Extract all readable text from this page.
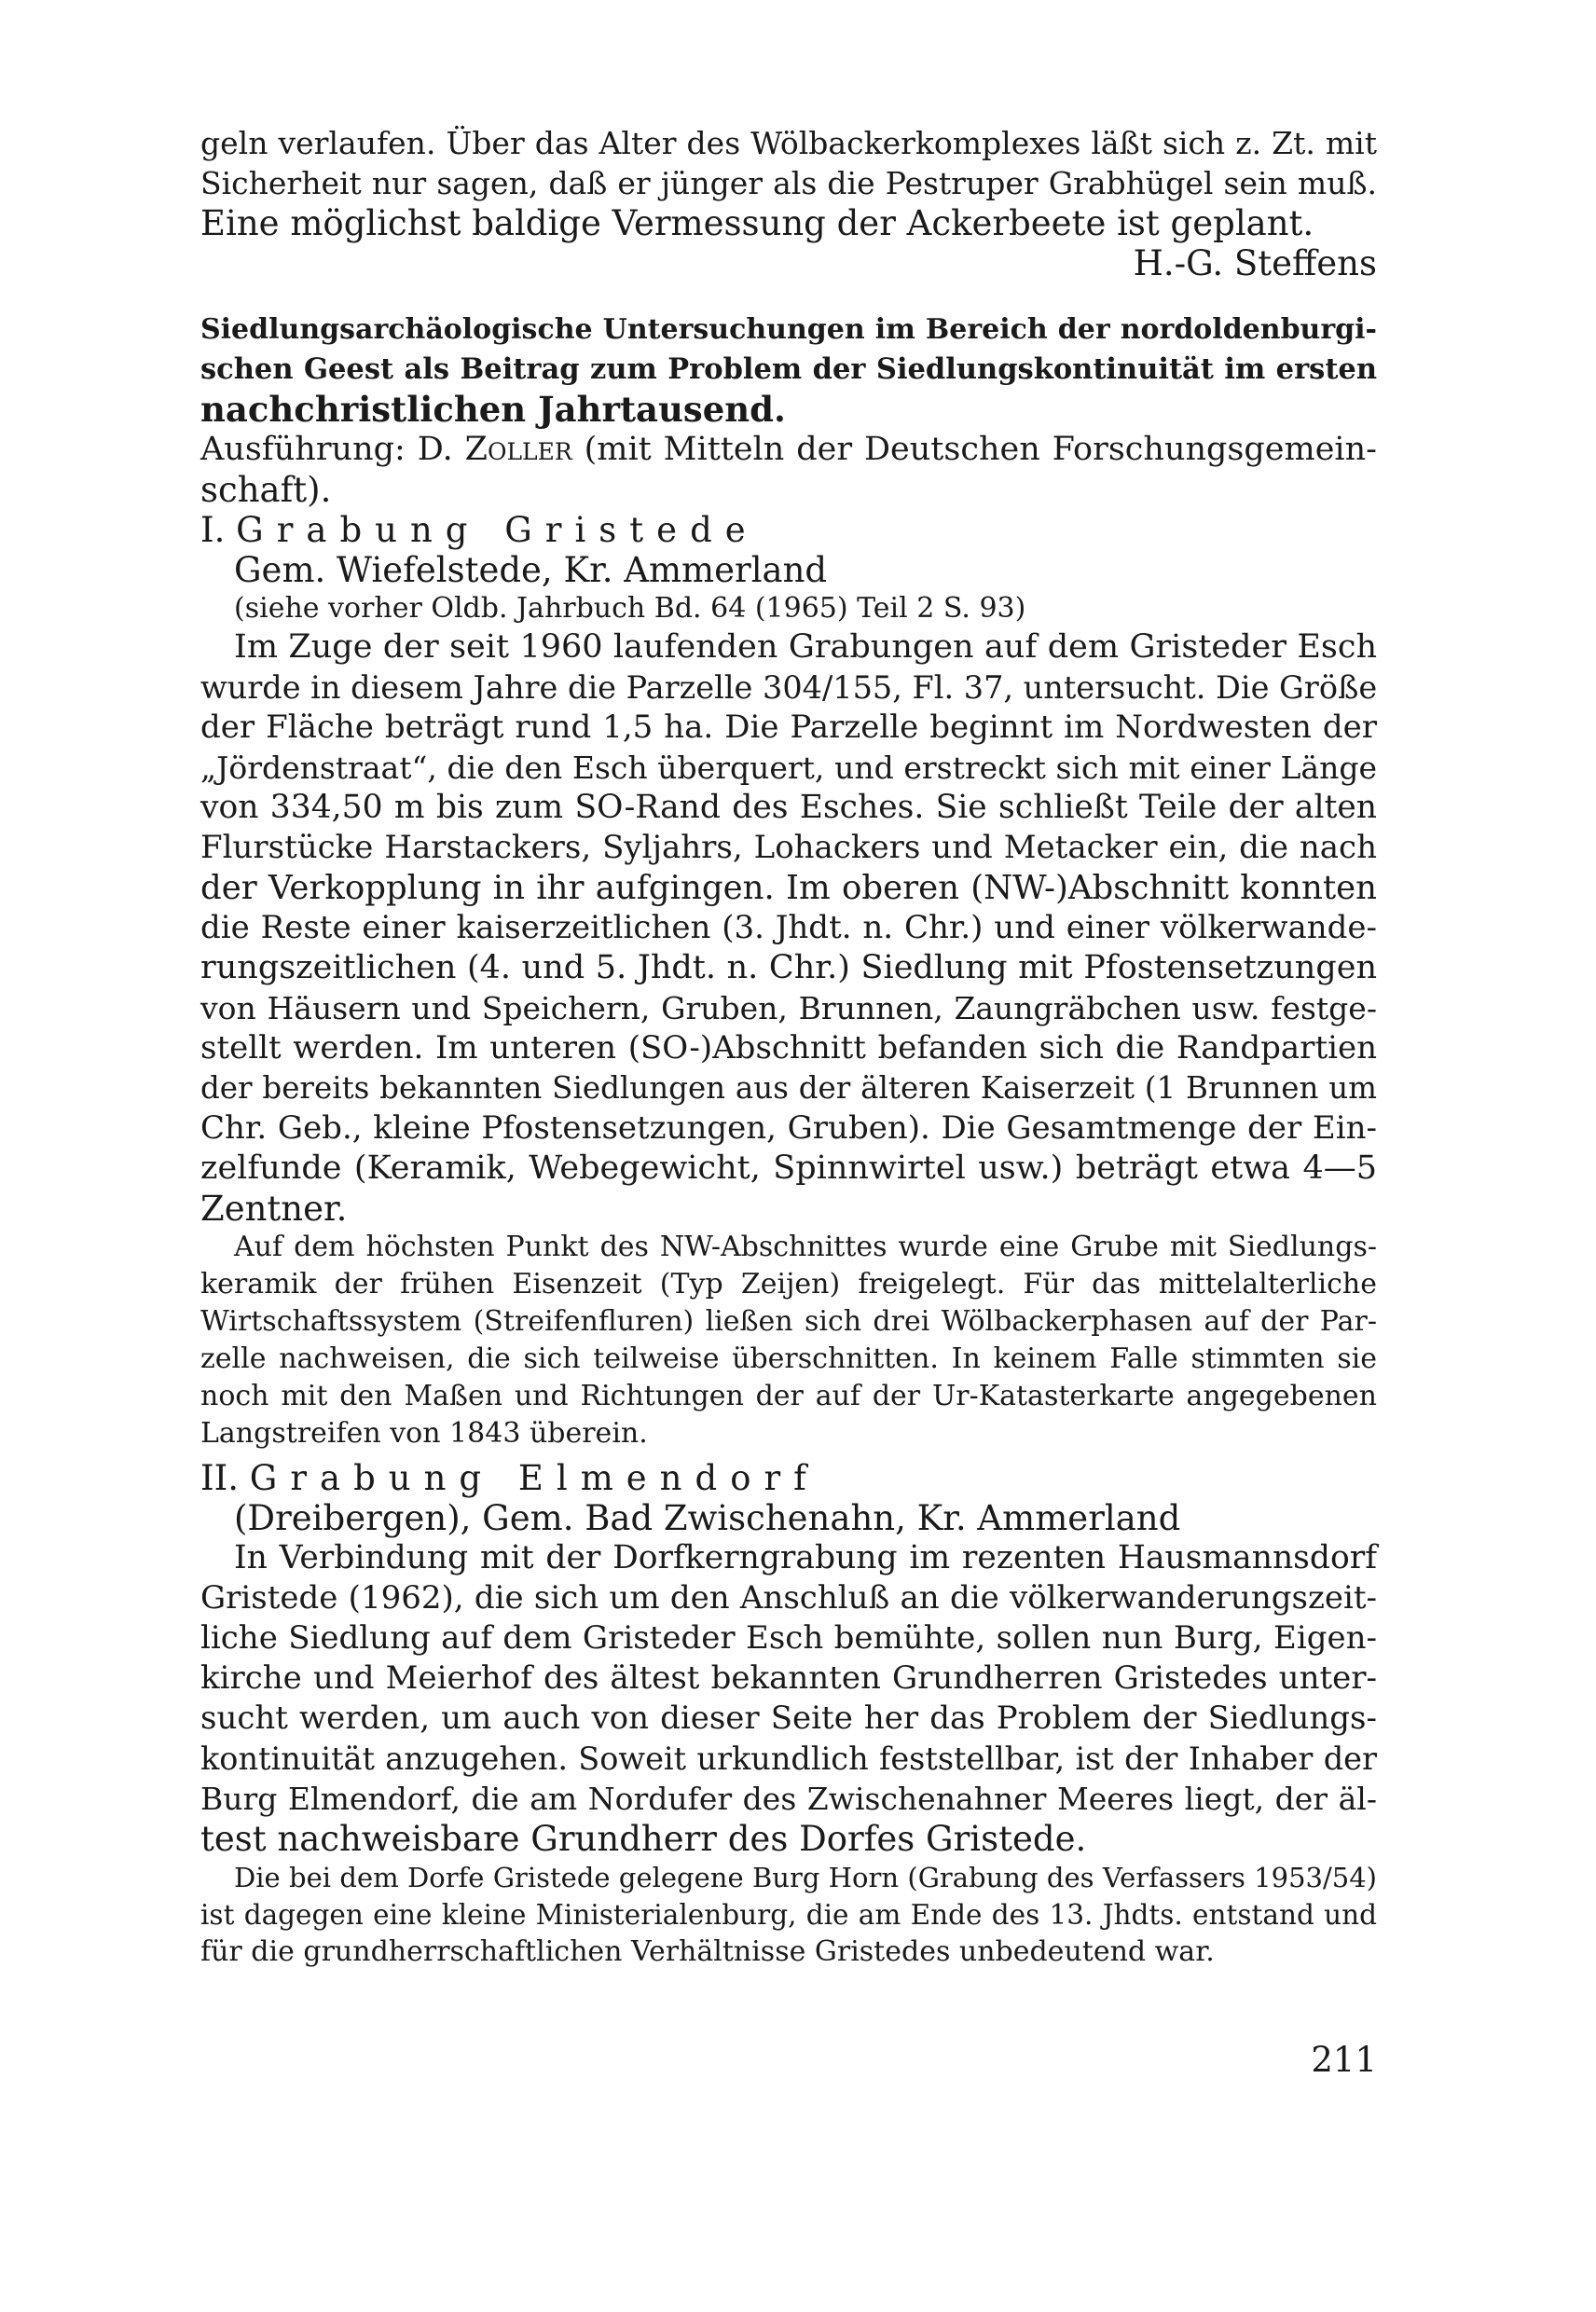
geln verlaufen. Über das Alter des Wölbackerkomplexes läßt sich z. Zt. mit
Sicherheit nur sagen, daß er jünger als die Pestruper Grabhügel sein muß.
Eine möglichst baldige Vermessung der Ackerbeete ist geplant.
H.-G. Steffens
Siedlungsarchäologische Untersuchungen im Bereich der nordoldenburgi-
schen Geest als Beitrag zum Problem der Siedlungskontinuität im ersten
nachchristlichen Jahrtausend.
Ausführung: D. Zoller (mit Mitteln der Deutschen Forschungsgemein-
schaft).
I. Grabung Gristede
Gem. Wiefelstede, Kr. Ammerland
(siehe vorher Oldb. Jahrbuch Bd. 64 (1965) Teil 2 S. 93)
Im Zuge der seit 1960 laufenden Grabungen auf dem Gristeder Esch
wurde in diesem Jahre die Parzelle 304/155, Fl. 37, untersucht. Die Größe
der Fläche beträgt rund 1,5 ha. Die Parzelle beginnt im Nordwesten der
„Jördenstraat“, die den Esch überquert, und erstreckt sich mit einer Länge
von 334,50 m bis zum SO-Rand des Esches. Sie schließt Teile der alten
Flurstücke Harstackers, Syljahrs, Lohackers und Metacker ein, die nach
der Verkopplung in ihr aufgingen. Im oberen (NW-)Abschnitt konnten
die Reste einer kaiserzeitlichen (3. Jhdt. n. Chr.) und einer völkerwande-
rungszeitlichen (4. und 5. Jhdt. n. Chr.) Siedlung mit Pfostensetzungen
von Häusern und Speichern, Gruben, Brunnen, Zaungräbchen usw. festge-
stellt werden. Im unteren (SO-)Abschnitt befanden sich die Randpartien
der bereits bekannten Siedlungen aus der älteren Kaiserzeit (1 Brunnen um
Chr. Geb., kleine Pfostensetzungen, Gruben). Die Gesamtmenge der Ein-
zelfunde (Keramik, Webegewicht, Spinnwirtel usw.) beträgt etwa 4—5
Zentner.
Auf dem höchsten Punkt des NW-Abschnittes wurde eine Grube mit Siedlungs-
keramik der frühen Eisenzeit (Typ Zeijen) freigelegt. Für das mittelalterliche
Wirtschaftssystem (Streifenfluren) ließen sich drei Wölbackerphasen auf der Par-
zelle nachweisen, die sich teilweise überschnitten. In keinem Falle stimmten sie
noch mit den Maßen und Richtungen der auf der Ur-Katasterkarte angegebenen
Langstreifen von 1843 überein.
II. Grabung Elmendorf
(Dreibergen), Gem. Bad Zwischenahn, Kr. Ammerland
In Verbindung mit der Dorfkerngrabung im rezenten Hausmannsdorf
Gristede (1962), die sich um den Anschluß an die völkerwanderungszeit-
liche Siedlung auf dem Gristeder Esch bemühte, sollen nun Burg, Eigen-
kirche und Meierhof des ältest bekannten Grundherren Gristedes unter-
sucht werden, um auch von dieser Seite her das Problem der Siedlungs-
kontinuität anzugehen. Soweit urkundlich feststellbar, ist der Inhaber der
Burg Elmendorf, die am Nordufer des Zwischenahner Meeres liegt, der äl-
test nachweisbare Grundherr des Dorfes Gristede.
Die bei dem Dorfe Gristede gelegene Burg Horn (Grabung des Verfassers 1953/54)
ist dagegen eine kleine Ministerialenburg, die am Ende des 13. Jhdts. entstand und
für die grundherrschaftlichen Verhältnisse Gristedes unbedeutend war.
211
